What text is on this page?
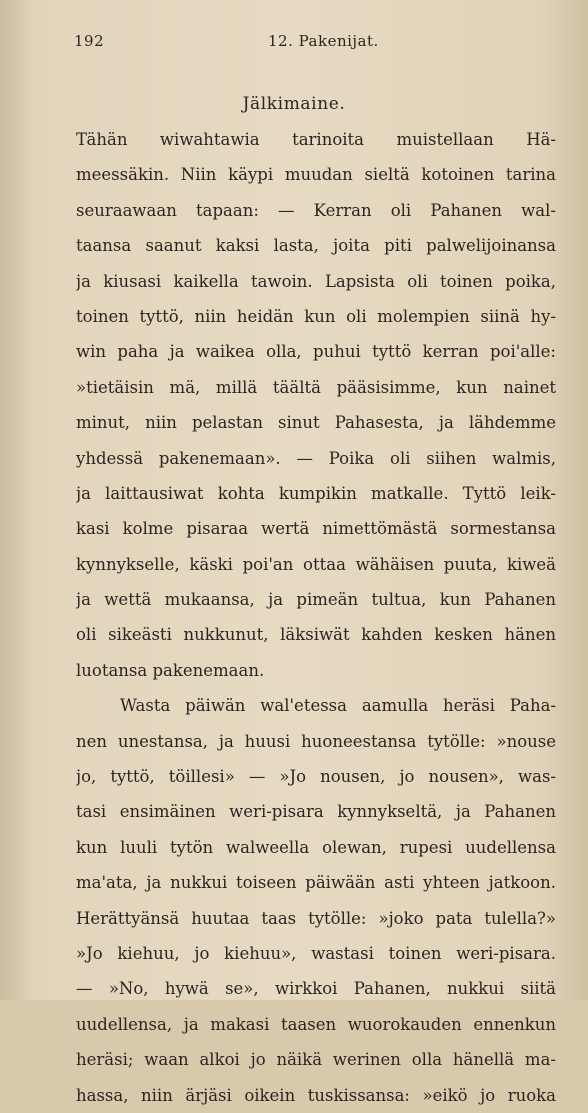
192	12. Pakenijat.
Jälkimaine.
Tähän wiwahtawia tarinoita muistellaan Hä-
meessäkin. Niin käypi muudan sieltä kotoinen tarina
seuraawaan tapaan: — Kerran oli Pahanen wal-
taansa saanut kaksi lasta, joita piti palwelijoinansa
ja kiusasi kaikella tawoin. Lapsista oli toinen poika,
toinen tyttö, niin heidän kun oli molempien siinä hy-
win paha ja waikea olla, puhui tyttö kerran poi'alle:
»tietäisin mä, millä täältä pääsisimme, kun nainet
minut, niin pelastan sinut Pahasesta, ja lähdemme
yhdessä pakenemaan». — Poika oli siihen walmis,
ja laittausiwat kohta kumpikin matkalle. Tyttö leik-
kasi kolme pisaraa wertä nimettömästä sormestansa
kynnykselle, käski poi'an ottaa wähäisen puuta, kiweä
ja wettä mukaansa, ja pimeän tultua, kun Pahanen
oli sikeästi nukkunut, läksiwät kahden kesken hänen
luotansa pakenemaan.
Wasta päiwän wal'etessa aamulla heräsi Paha-
nen unestansa, ja huusi huoneestansa tytölle: »nouse
jo, tyttö, töillesi» — »Jo nousen, jo nousen», was-
tasi ensimäinen weri-pisara kynnykseltä, ja Pahanen
kun luuli tytön walweella olewan, rupesi uudellensa
ma'ata, ja nukkui toiseen päiwään asti yhteen jatkoon.
Herättyänsä huutaa taas tytölle: »joko pata tulella?»
»Jo kiehuu, jo kiehuu», wastasi toinen weri-pisara.
— »No, hywä se», wirkkoi Pahanen, nukkui siitä
uudellensa, ja makasi taasen wuorokauden ennenkun
heräsi; waan alkoi jo näikä werinen olla hänellä ma-
hassa, niin ärjäsi oikein tuskissansa: »eikö jo ruoka
